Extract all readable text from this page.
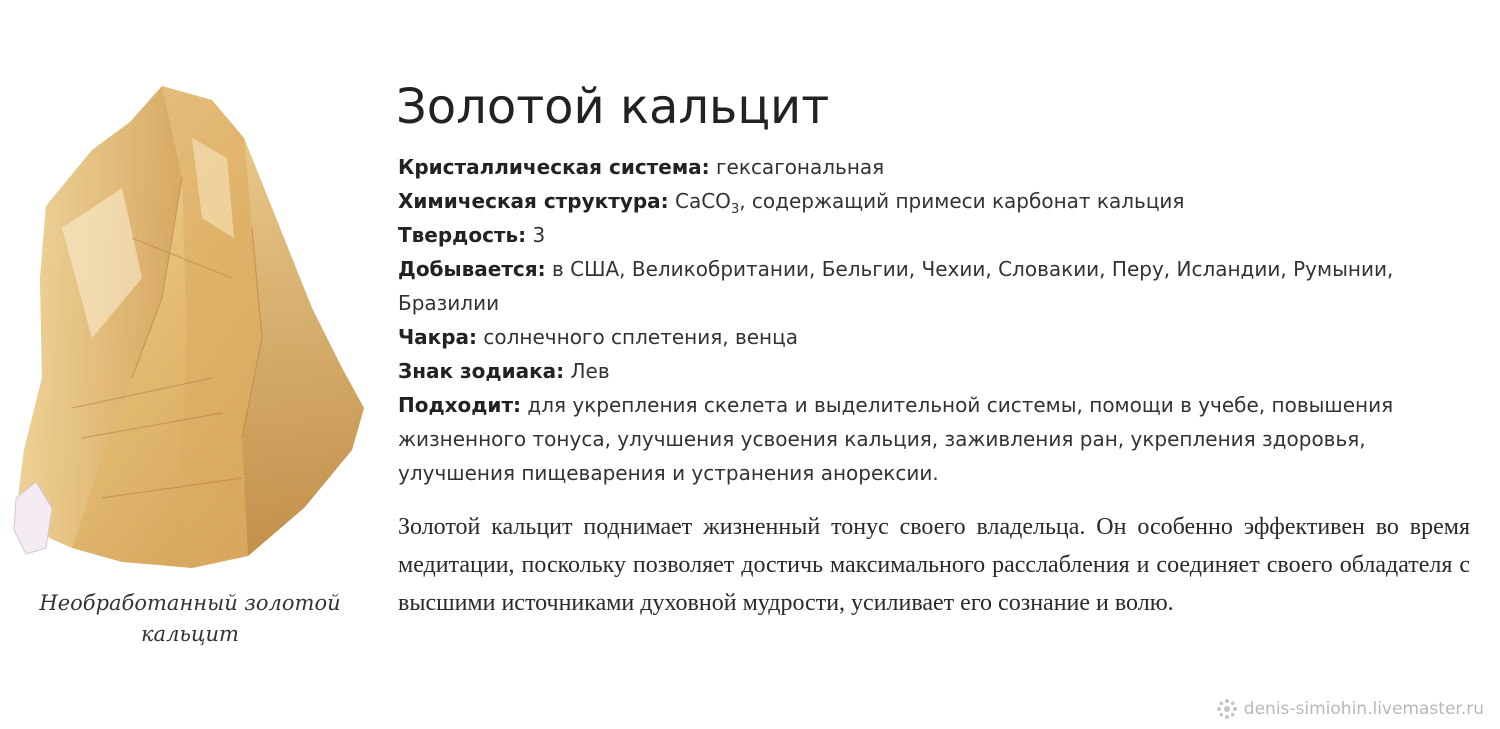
Необработанный золотой кальцит
Золотой кальцит

Кристаллическая система: гексагональная

Химическая структура: CaCO$_3$, содержащий примеси карбонат кальция

Твердость: 3

Добывается: в США, Великобритании, Бельгии, Чехии, Словакии, Перу, Исландии, Румынии, Бразилии

Чакра: солнечного сплетения, венца

Знак зодиака: Лев

Подходит: для укрепления скелета и выделительной системы, помощи в учебе, повышения жизненного тонуса, улучшения усвоения кальция, заживления ран, укрепления здоровья, улучшения пищеварения и устранения анорексии.

Золотой кальцит поднимает жизненный тонус своего владельца. Он особенно эффективен во время медитации, поскольку позволяет достичь максимального расслабления и соединяет своего обладателя с высшими источниками духовной мудрости, усиливает его сознание и волю.

denis-simiohin.livemaster.ru
